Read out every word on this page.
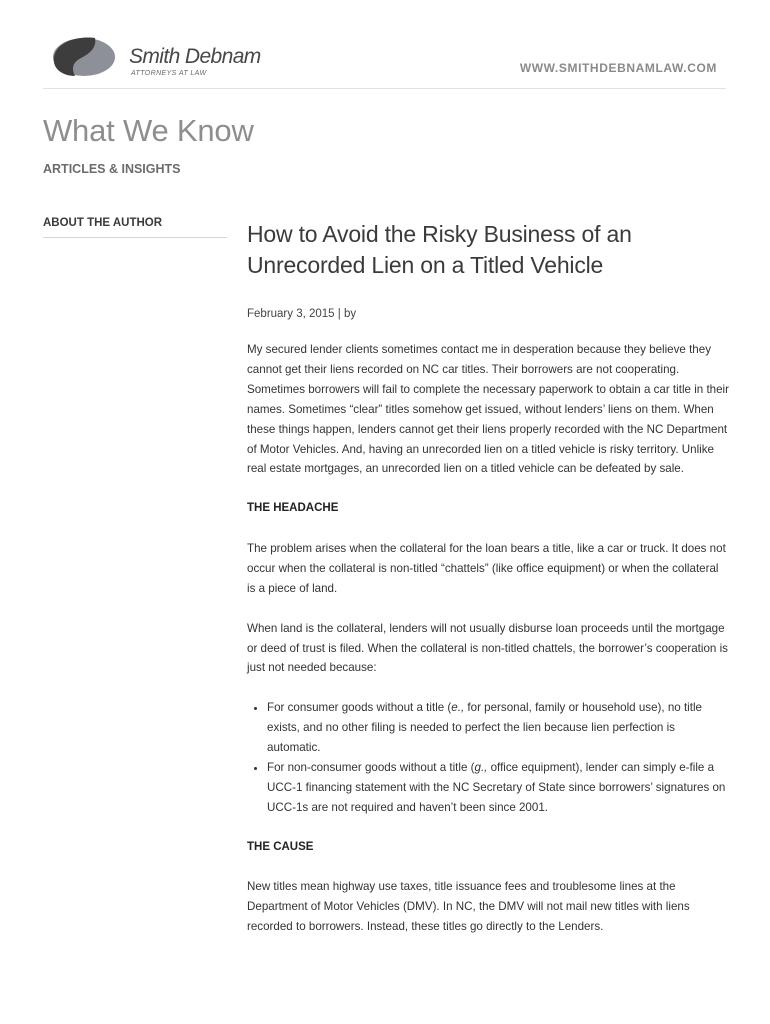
Smith Debnam
ATTORNEYS AT LAW	WWW.SMITHDEBNAMLAW.COM
What We Know
ARTICLES & INSIGHTS
ABOUT THE AUTHOR	How to Avoid the Risky Business of an Unrecorded Lien on a Titled Vehicle
February 3, 2015 | by

My secured lender clients sometimes contact me in desperation because they believe they cannot get their liens recorded on NC car titles. Their borrowers are not cooperating. Sometimes borrowers will fail to complete the necessary paperwork to obtain a car title in their names. Sometimes “clear” titles somehow get issued, without lenders’ liens on them. When these things happen, lenders cannot get their liens properly recorded with the NC Department of Motor Vehicles. And, having an unrecorded lien on a titled vehicle is risky territory. Unlike real estate mortgages, an unrecorded lien on a titled vehicle can be defeated by sale.

THE HEADACHE

The problem arises when the collateral for the loan bears a title, like a car or truck. It does not occur when the collateral is non-titled “chattels” (like office equipment) or when the collateral is a piece of land.

When land is the collateral, lenders will not usually disburse loan proceeds until the mortgage or deed of trust is filed. When the collateral is non-titled chattels, the borrower’s cooperation is just not needed because:

• For consumer goods without a title (e., for personal, family or household use), no title exists, and no other filing is needed to perfect the lien because lien perfection is automatic.
• For non-consumer goods without a title (g., office equipment), lender can simply e-file a UCC-1 financing statement with the NC Secretary of State since borrowers’ signatures on UCC-1s are not required and haven’t been since 2001.
THE CAUSE

New titles mean highway use taxes, title issuance fees and troublesome lines at the Department of Motor Vehicles (DMV). In NC, the DMV will not mail new titles with liens recorded to borrowers. Instead, these titles go directly to the Lenders.
